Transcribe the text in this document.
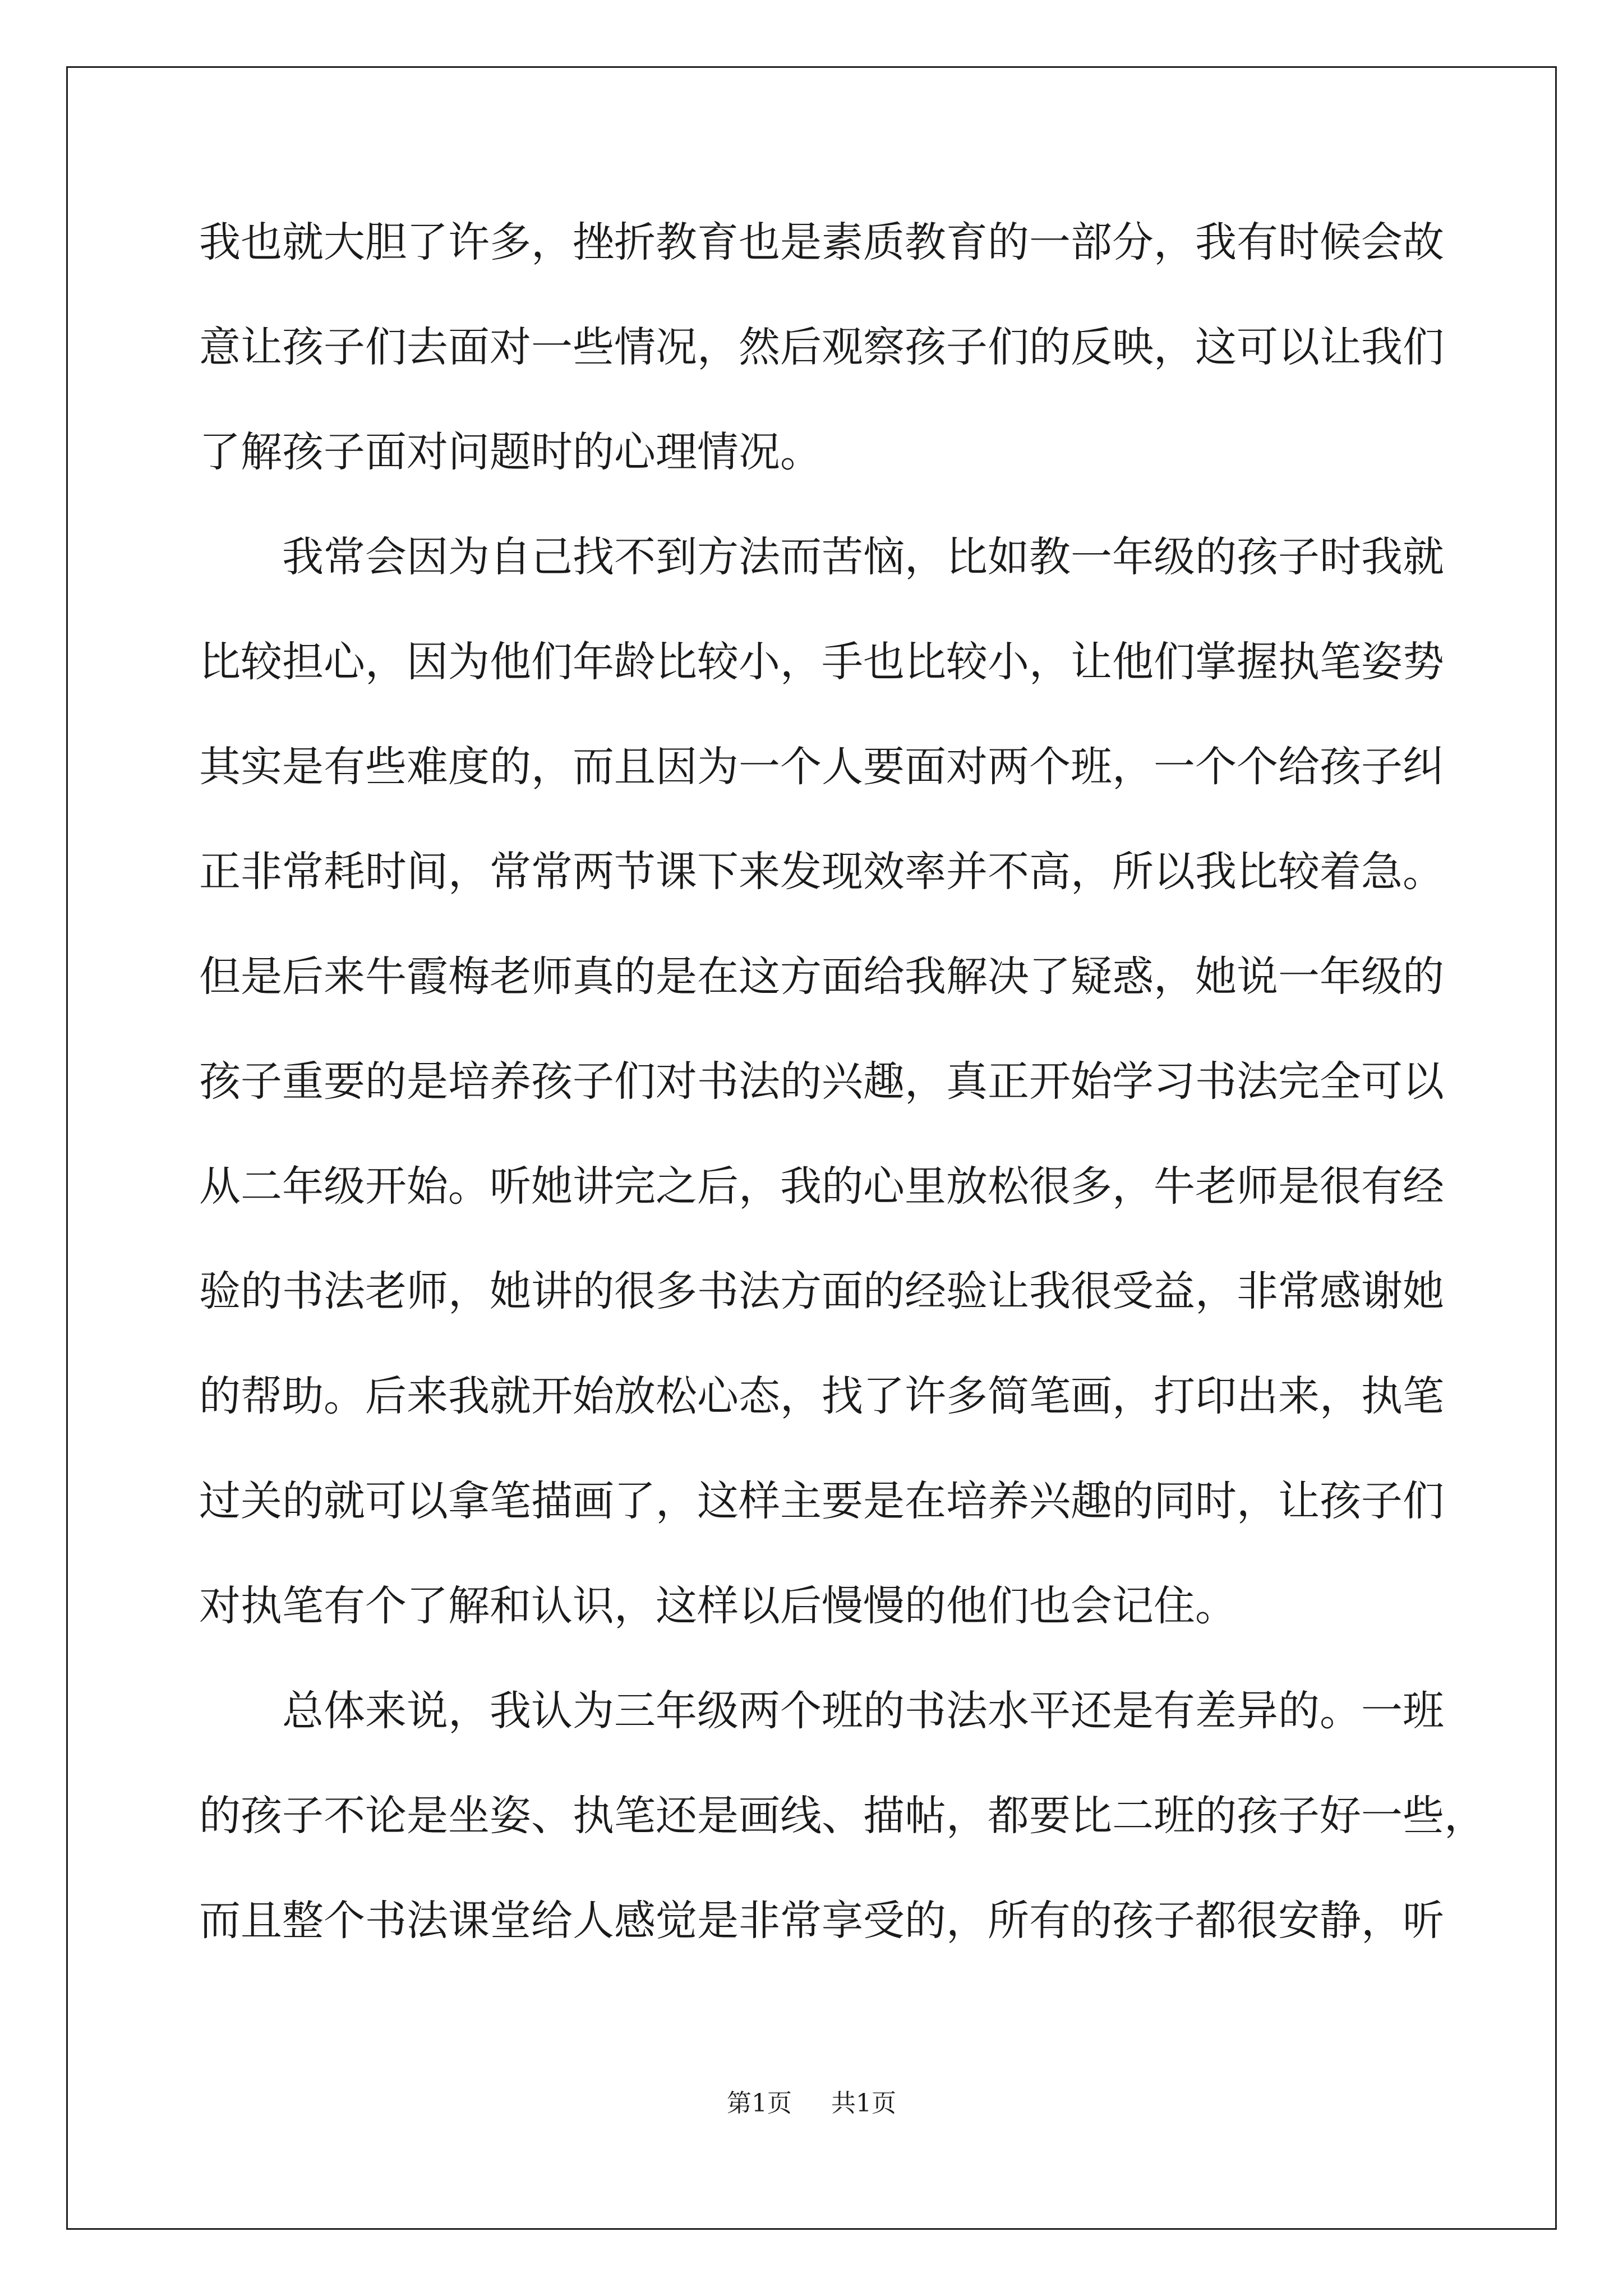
我也就大胆了许多，挫折教育也是素质教育的一部分，我有时候会故
意让孩子们去面对一些情况，然后观察孩子们的反映，这可以让我们
了解孩子面对问题时的心理情况。
我常会因为自己找不到方法而苦恼，比如教一年级的孩子时我就
比较担心，因为他们年龄比较小，手也比较小，让他们掌握执笔姿势
其实是有些难度的，而且因为一个人要面对两个班，一个个给孩子纠
正非常耗时间，常常两节课下来发现效率并不高，所以我比较着急。
但是后来牛霞梅老师真的是在这方面给我解决了疑惑，她说一年级的
孩子重要的是培养孩子们对书法的兴趣，真正开始学习书法完全可以
从二年级开始。听她讲完之后，我的心里放松很多，牛老师是很有经
验的书法老师，她讲的很多书法方面的经验让我很受益，非常感谢她
的帮助。后来我就开始放松心态，找了许多简笔画，打印出来，执笔
过关的就可以拿笔描画了，这样主要是在培养兴趣的同时，让孩子们
对执笔有个了解和认识，这样以后慢慢的他们也会记住。
总体来说，我认为三年级两个班的书法水平还是有差异的。一班
的孩子不论是坐姿、执笔还是画线、描帖，都要比二班的孩子好一些，
而且整个书法课堂给人感觉是非常享受的，所有的孩子都很安静，听
第1页 共1页
